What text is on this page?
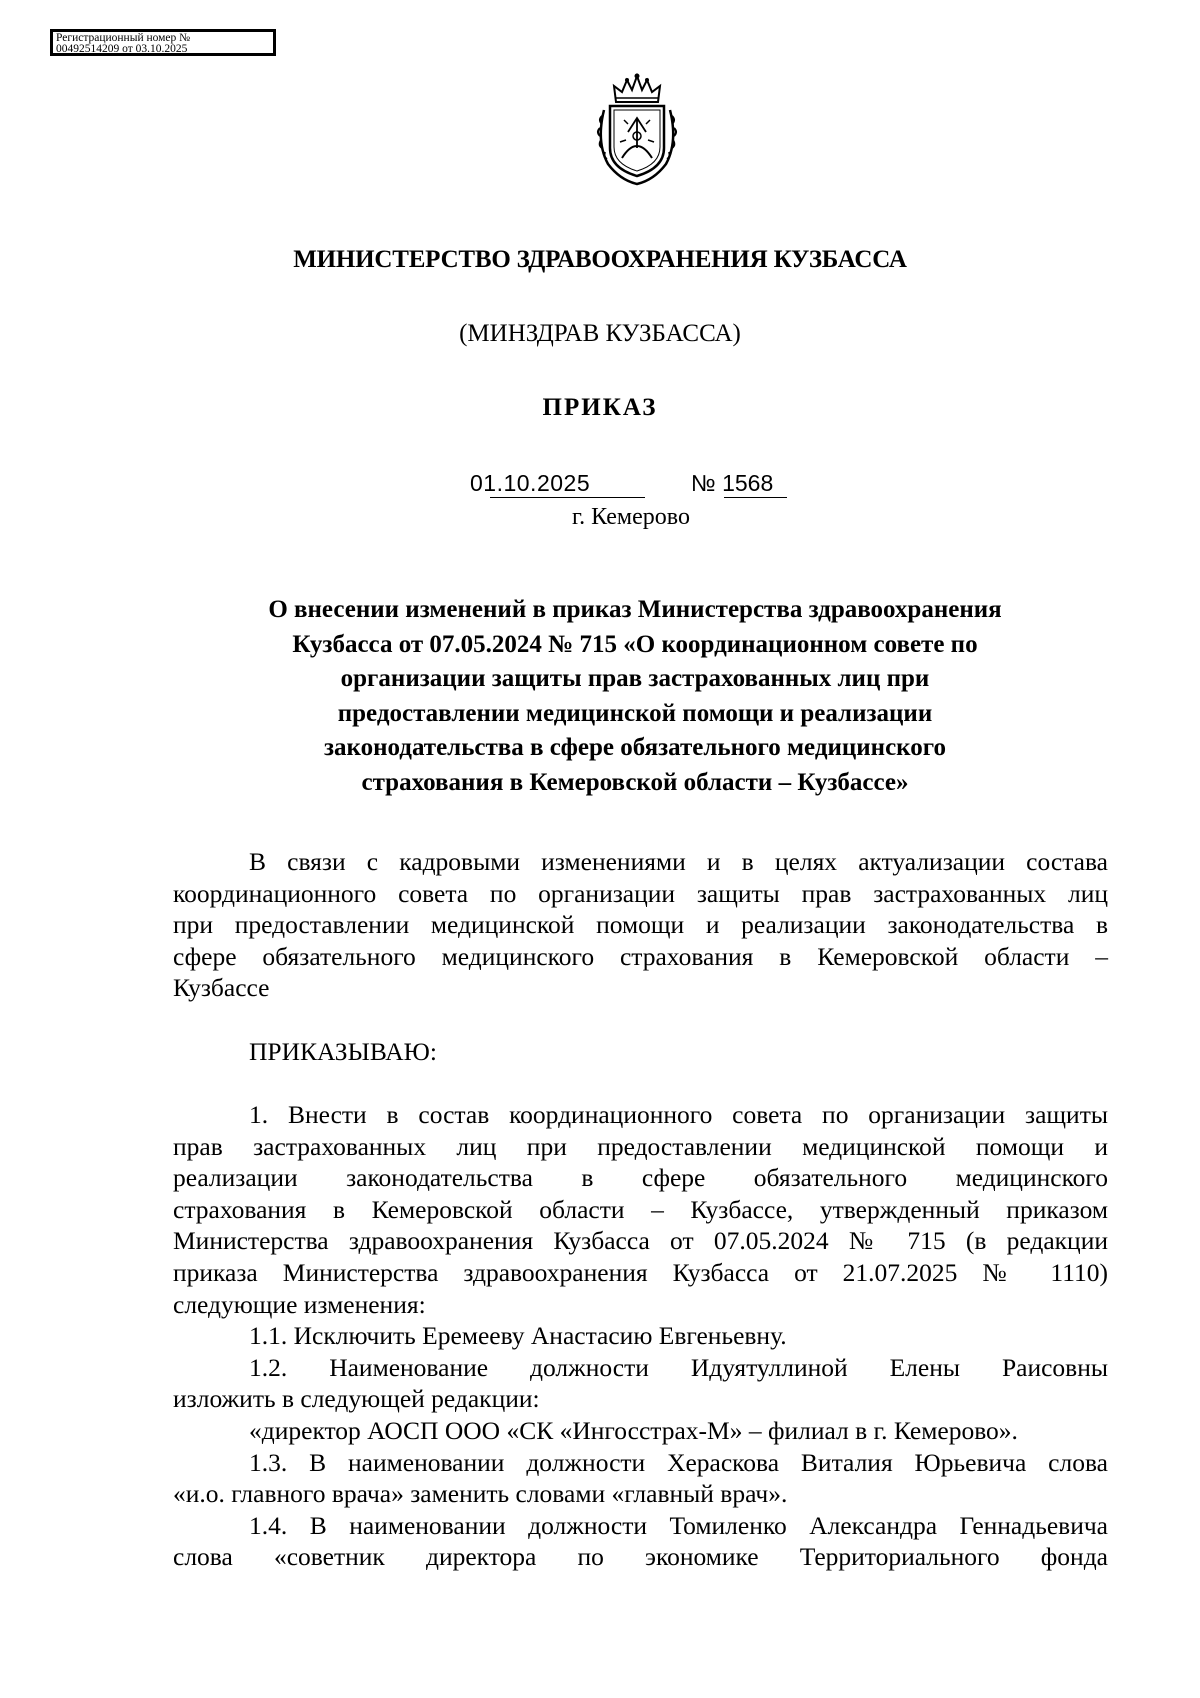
Регистрационный номер №
00492514209 от 03.10.2025
МИНИСТЕРСТВО ЗДРАВООХРАНЕНИЯ КУЗБАССА
(МИНЗДРАВ КУЗБАССА)
ПРИКАЗ
01.10.2025	№ 1568
г. Кемерово
О внесении изменений в приказ Министерства здравоохранения
Кузбасса от 07.05.2024 № 715 «О координационном совете по
организации защиты прав застрахованных лиц при
предоставлении медицинской помощи и реализации
законодательства в сфере обязательного медицинского
страхования в Кемеровской области – Кузбассе»
В связи с кадровыми изменениями и в целях актуализации состава
координационного совета по организации защиты прав застрахованных лиц
при предоставлении медицинской помощи и реализации законодательства в
сфере обязательного медицинского страхования в Кемеровской области –
Кузбассе
ПРИКАЗЫВАЮ:
1. Внести в состав координационного совета по организации защиты
прав застрахованных лиц при предоставлении медицинской помощи и
реализации законодательства в сфере обязательного медицинского
страхования в Кемеровской области – Кузбассе, утвержденный приказом
Министерства здравоохранения Кузбасса от 07.05.2024 № 715 (в редакции
приказа Министерства здравоохранения Кузбасса от 21.07.2025 № 1110)
следующие изменения:
1.1. Исключить Еремееву Анастасию Евгеньевну.
1.2. Наименование должности Идуятуллиной Елены Раисовны
изложить в следующей редакции:
«директор АОСП ООО «СК «Ингосстрах-М» – филиал в г. Кемерово».
1.3. В наименовании должности Хераскова Виталия Юрьевича слова
«и.о. главного врача» заменить словами «главный врач».
1.4. В наименовании должности Томиленко Александра Геннадьевича
слова «советник директора по экономике Территориального фонда
